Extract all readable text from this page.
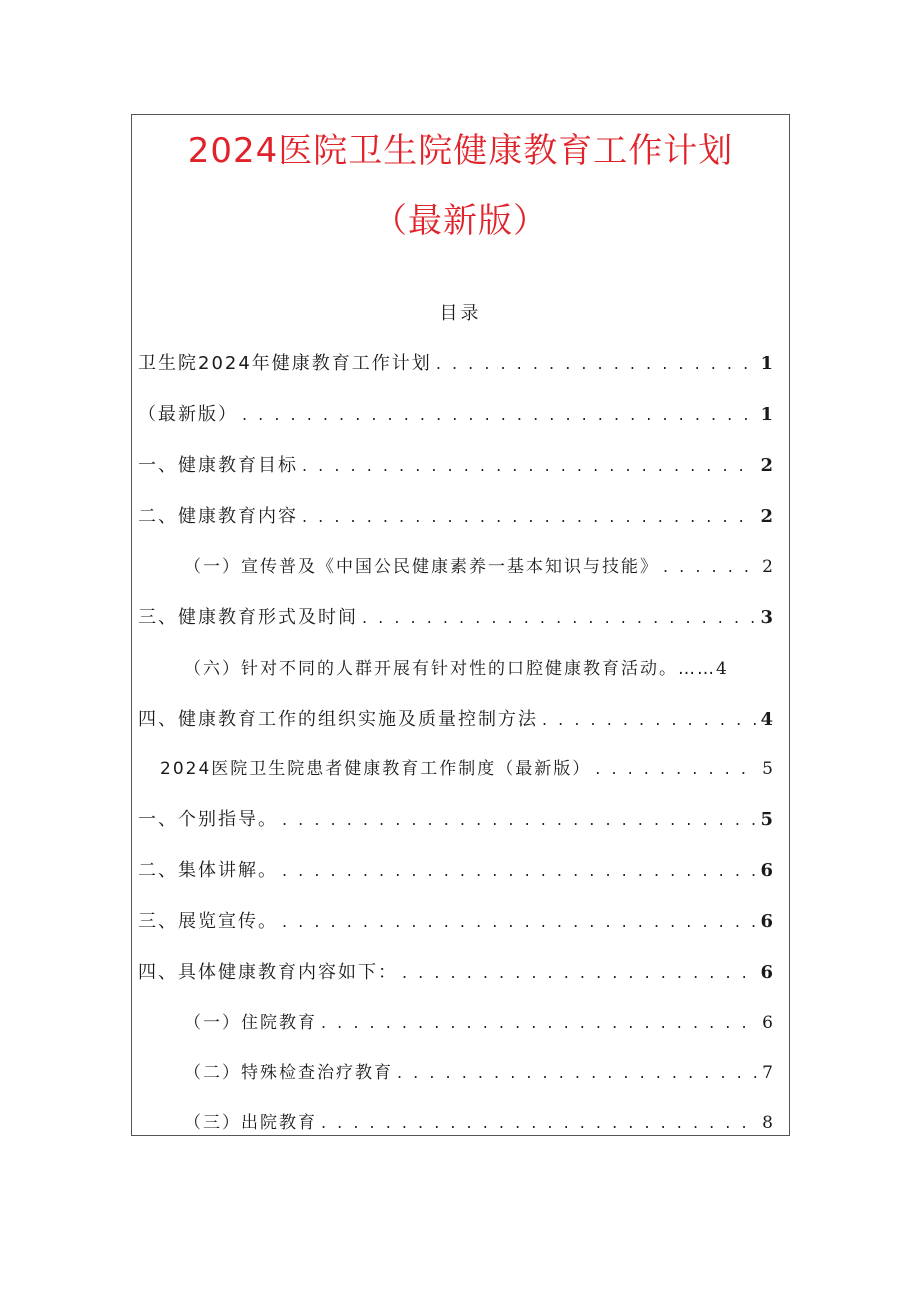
2024医院卫生院健康教育工作计划
（最新版）
目录
卫生院2024年健康教育工作计划 . . .	1
（最新版） . . .	1
一、健康教育目标 . . .	2
二、健康教育内容 . . .	2
（一）宣传普及《中国公民健康素养一基本知识与技能》 . . .	2
三、健康教育形式及时间 . . .	3
（六）针对不同的人群开展有针对性的口腔健康教育活动。…… 4
四、健康教育工作的组织实施及质量控制方法 . . .	4
2024医院卫生院患者健康教育工作制度（最新版） . . .	5
一、个别指导。 . . .	5
二、集体讲解。 . . .	6
三、展览宣传。 . . .	6
四、具体健康教育内容如下： . . .	6
（一）住院教育 . . .	6
（二）特殊检查治疗教育 . . .	7
（三）出院教育 . . .	8
